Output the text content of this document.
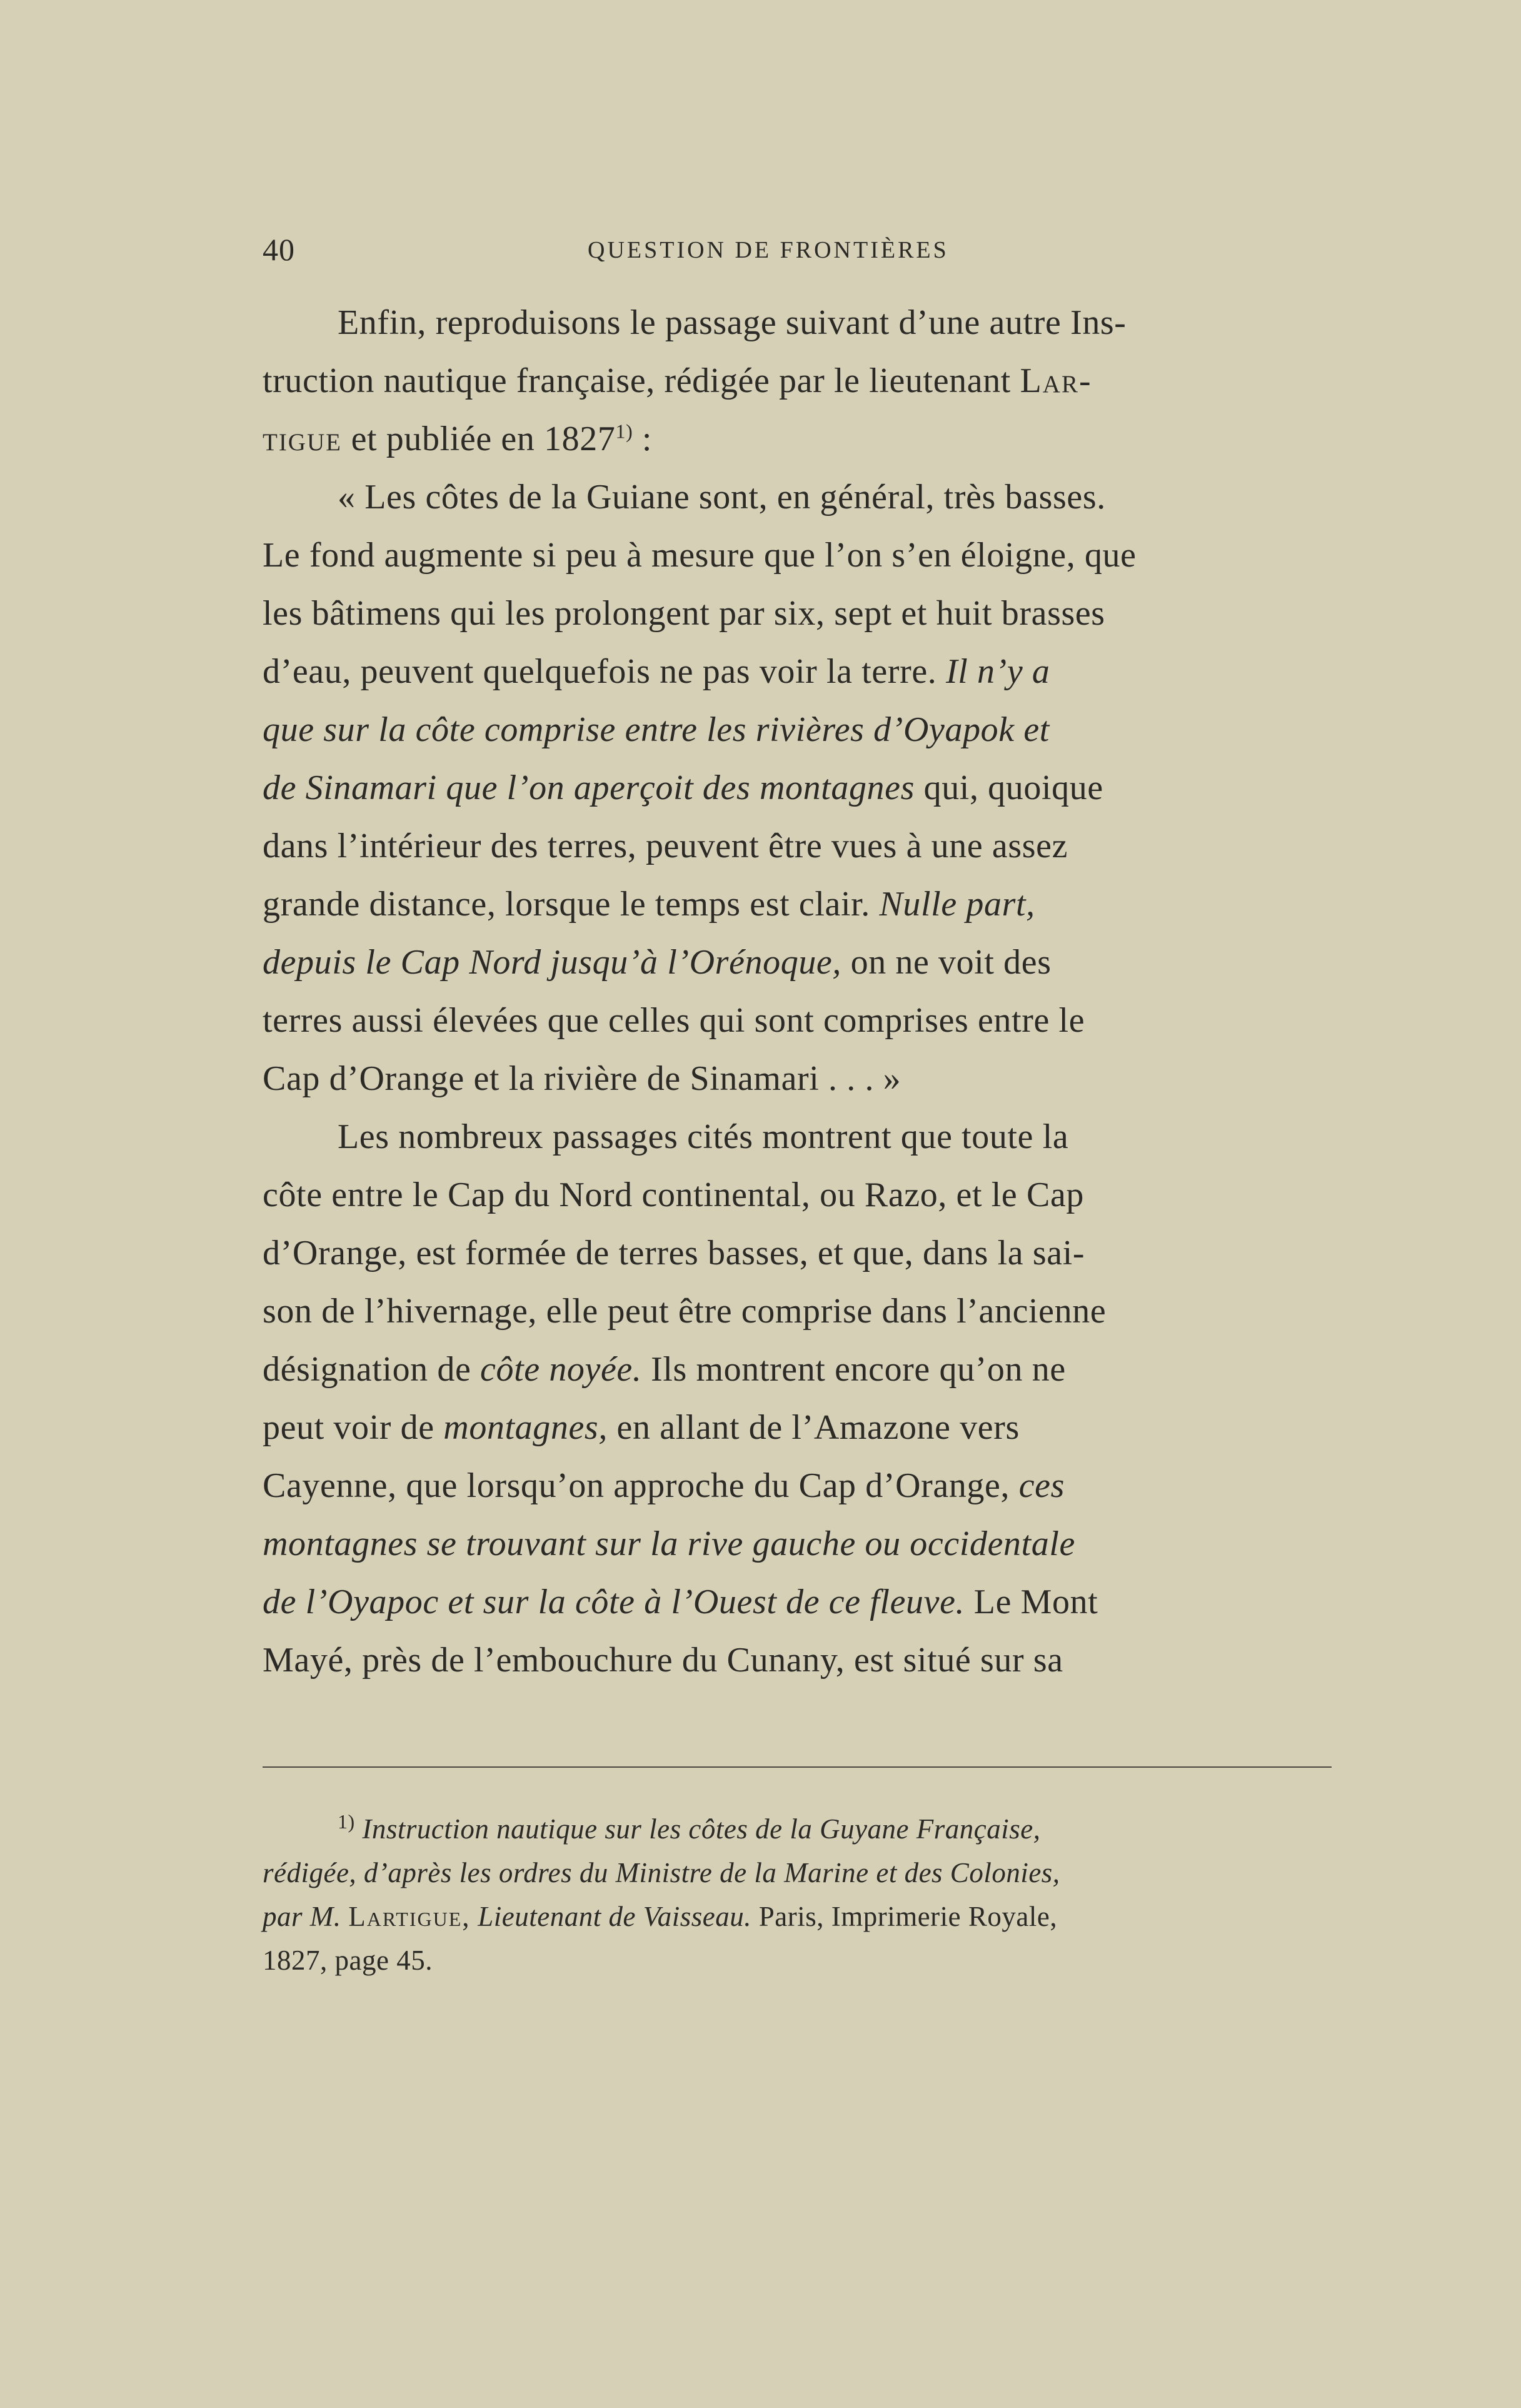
40	QUESTION DE FRONTIÈRES
Enfin, reproduisons le passage suivant d’une autre Ins-
truction nautique française, rédigée par le lieutenant Lar-
tigue et publiée en 1827$^{1)}$ :
« Les côtes de la Guiane sont, en général, très basses.
Le fond augmente si peu à mesure que l’on s’en éloigne, que
les bâtimens qui les prolongent par six, sept et huit brasses
d’eau, peuvent quelquefois ne pas voir la terre. Il n’y a
que sur la côte comprise entre les rivières d’Oyapok et
de Sinamari que l’on aperçoit des montagnes qui, quoique
dans l’intérieur des terres, peuvent être vues à une assez
grande distance, lorsque le temps est clair. Nulle part,
depuis le Cap Nord jusqu’à l’Orénoque, on ne voit des
terres aussi élevées que celles qui sont comprises entre le
Cap d’Orange et la rivière de Sinamari . . . »
Les nombreux passages cités montrent que toute la
côte entre le Cap du Nord continental, ou Razo, et le Cap
d’Orange, est formée de terres basses, et que, dans la sai-
son de l’hivernage, elle peut être comprise dans l’ancienne
désignation de côte noyée. Ils montrent encore qu’on ne
peut voir de montagnes, en allant de l’Amazone vers
Cayenne, que lorsqu’on approche du Cap d’Orange, ces
montagnes se trouvant sur la rive gauche ou occidentale
de l’Oyapoc et sur la côte à l’Ouest de ce fleuve. Le Mont
Mayé, près de l’embouchure du Cunany, est situé sur sa
$^{1)}$ Instruction nautique sur les côtes de la Guyane Française,
rédigée, d’après les ordres du Ministre de la Marine et des Colonies,
par M. Lartigue, Lieutenant de Vaisseau. Paris, Imprimerie Royale,
1827, page 45.
